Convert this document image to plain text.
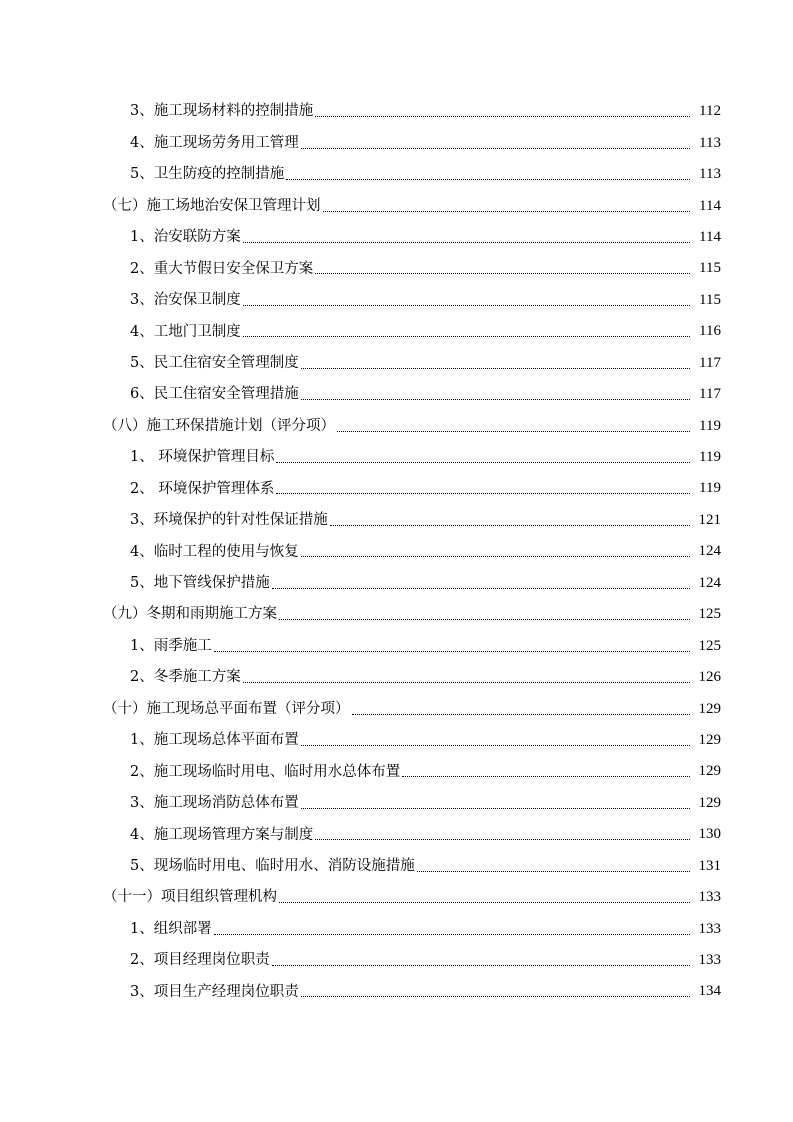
3、施工现场材料的控制措施	112
4、施工现场劳务用工管理	113
5、卫生防疫的控制措施	113
（七）施工场地治安保卫管理计划	114
1、治安联防方案	114
2、重大节假日安全保卫方案	115
3、治安保卫制度	115
4、工地门卫制度	116
5、民工住宿安全管理制度	117
6、民工住宿安全管理措施	117
（八）施工环保措施计划（评分项）	119
1、 环境保护管理目标	119
2、 环境保护管理体系	119
3、环境保护的针对性保证措施	121
4、临时工程的使用与恢复	124
5、地下管线保护措施	124
（九）冬期和雨期施工方案	125
1、雨季施工	125
2、冬季施工方案	126
（十）施工现场总平面布置（评分项）	129
1、施工现场总体平面布置	129
2、施工现场临时用电、临时用水总体布置	129
3、施工现场消防总体布置	129
4、施工现场管理方案与制度	130
5、现场临时用电、临时用水、消防设施措施	131
（十一）项目组织管理机构	133
1、组织部署	133
2、项目经理岗位职责	133
3、项目生产经理岗位职责	134
